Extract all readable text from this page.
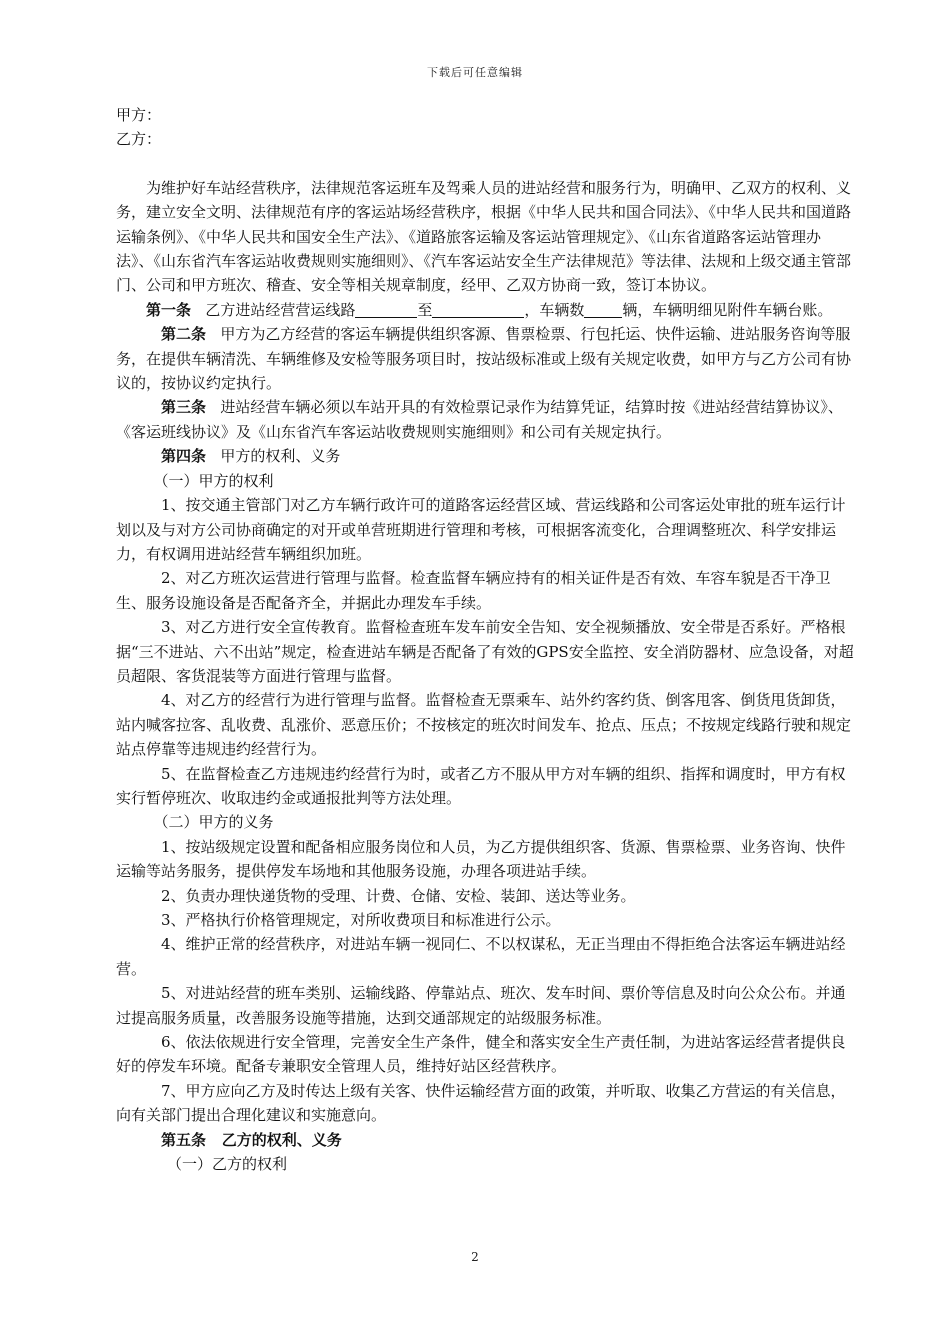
下载后可任意编辑

甲方：

乙方：

为维护好车站经营秩序，法律规范客运班车及驾乘人员的进站经营和服务行为，明确甲、乙双方的权利、义务，建立安全文明、法律规范有序的客运站场经营秩序，根据《中华人民共和国合同法》、《中华人民共和国道路运输条例》、《中华人民共和国安全生产法》、《道路旅客运输及客运站管理规定》、《山东省道路客运站管理办法》、《山东省汽车客运站收费规则实施细则》、《汽车客运站安全生产法律规范》等法律、法规和上级交通主管部门、公司和甲方班次、稽查、安全等相关规章制度，经甲、乙双方协商一致，签订本协议。

第一条 乙方进站经营营运线路	至	，车辆数	辆，车辆明细见附件车辆台账。

第二条 甲方为乙方经营的客运车辆提供组织客源、售票检票、行包托运、快件运输、进站服务咨询等服务，在提供车辆清洗、车辆维修及安检等服务项目时，按站级标准或上级有关规定收费，如甲方与乙方公司有协议的，按协议约定执行。

第三条 进站经营车辆必须以车站开具的有效检票记录作为结算凭证，结算时按《进站经营结算协议》、《客运班线协议》及《山东省汽车客运站收费规则实施细则》和公司有关规定执行。

第四条 甲方的权利、义务

（一）甲方的权利

1、按交通主管部门对乙方车辆行政许可的道路客运经营区域、营运线路和公司客运处审批的班车运行计划以及与对方公司协商确定的对开或单营班期进行管理和考核，可根据客流变化，合理调整班次、科学安排运力，有权调用进站经营车辆组织加班。

2、对乙方班次运营进行管理与监督。检查监督车辆应持有的相关证件是否有效、车容车貌是否干净卫生、服务设施设备是否配备齐全，并据此办理发车手续。

3、对乙方进行安全宣传教育。监督检查班车发车前安全告知、安全视频播放、安全带是否系好。严格根据“三不进站、六不出站”规定，检查进站车辆是否配备了有效的GPS安全监控、安全消防器材、应急设备，对超员超限、客货混装等方面进行管理与监督。

4、对乙方的经营行为进行管理与监督。监督检查无票乘车、站外约客约货、倒客甩客、倒货甩货卸货，站内喊客拉客、乱收费、乱涨价、恶意压价；不按核定的班次时间发车、抢点、压点；不按规定线路行驶和规定站点停靠等违规违约经营行为。

5、在监督检查乙方违规违约经营行为时，或者乙方不服从甲方对车辆的组织、指挥和调度时，甲方有权实行暂停班次、收取违约金或通报批判等方法处理。

（二）甲方的义务

1、按站级规定设置和配备相应服务岗位和人员，为乙方提供组织客、货源、售票检票、业务咨询、快件运输等站务服务，提供停发车场地和其他服务设施，办理各项进站手续。

2、负责办理快递货物的受理、计费、仓储、安检、装卸、送达等业务。

3、严格执行价格管理规定，对所收费项目和标准进行公示。

4、维护正常的经营秩序，对进站车辆一视同仁、不以权谋私，无正当理由不得拒绝合法客运车辆进站经营。

5、对进站经营的班车类别、运输线路、停靠站点、班次、发车时间、票价等信息及时向公众公布。并通过提高服务质量，改善服务设施等措施，达到交通部规定的站级服务标准。

6、依法依规进行安全管理，完善安全生产条件，健全和落实安全生产责任制，为进站客运经营者提供良好的停发车环境。配备专兼职安全管理人员，维持好站区经营秩序。

7、甲方应向乙方及时传达上级有关客、快件运输经营方面的政策，并听取、收集乙方营运的有关信息，向有关部门提出合理化建议和实施意向。

第五条 乙方的权利、义务

（一）乙方的权利

2
